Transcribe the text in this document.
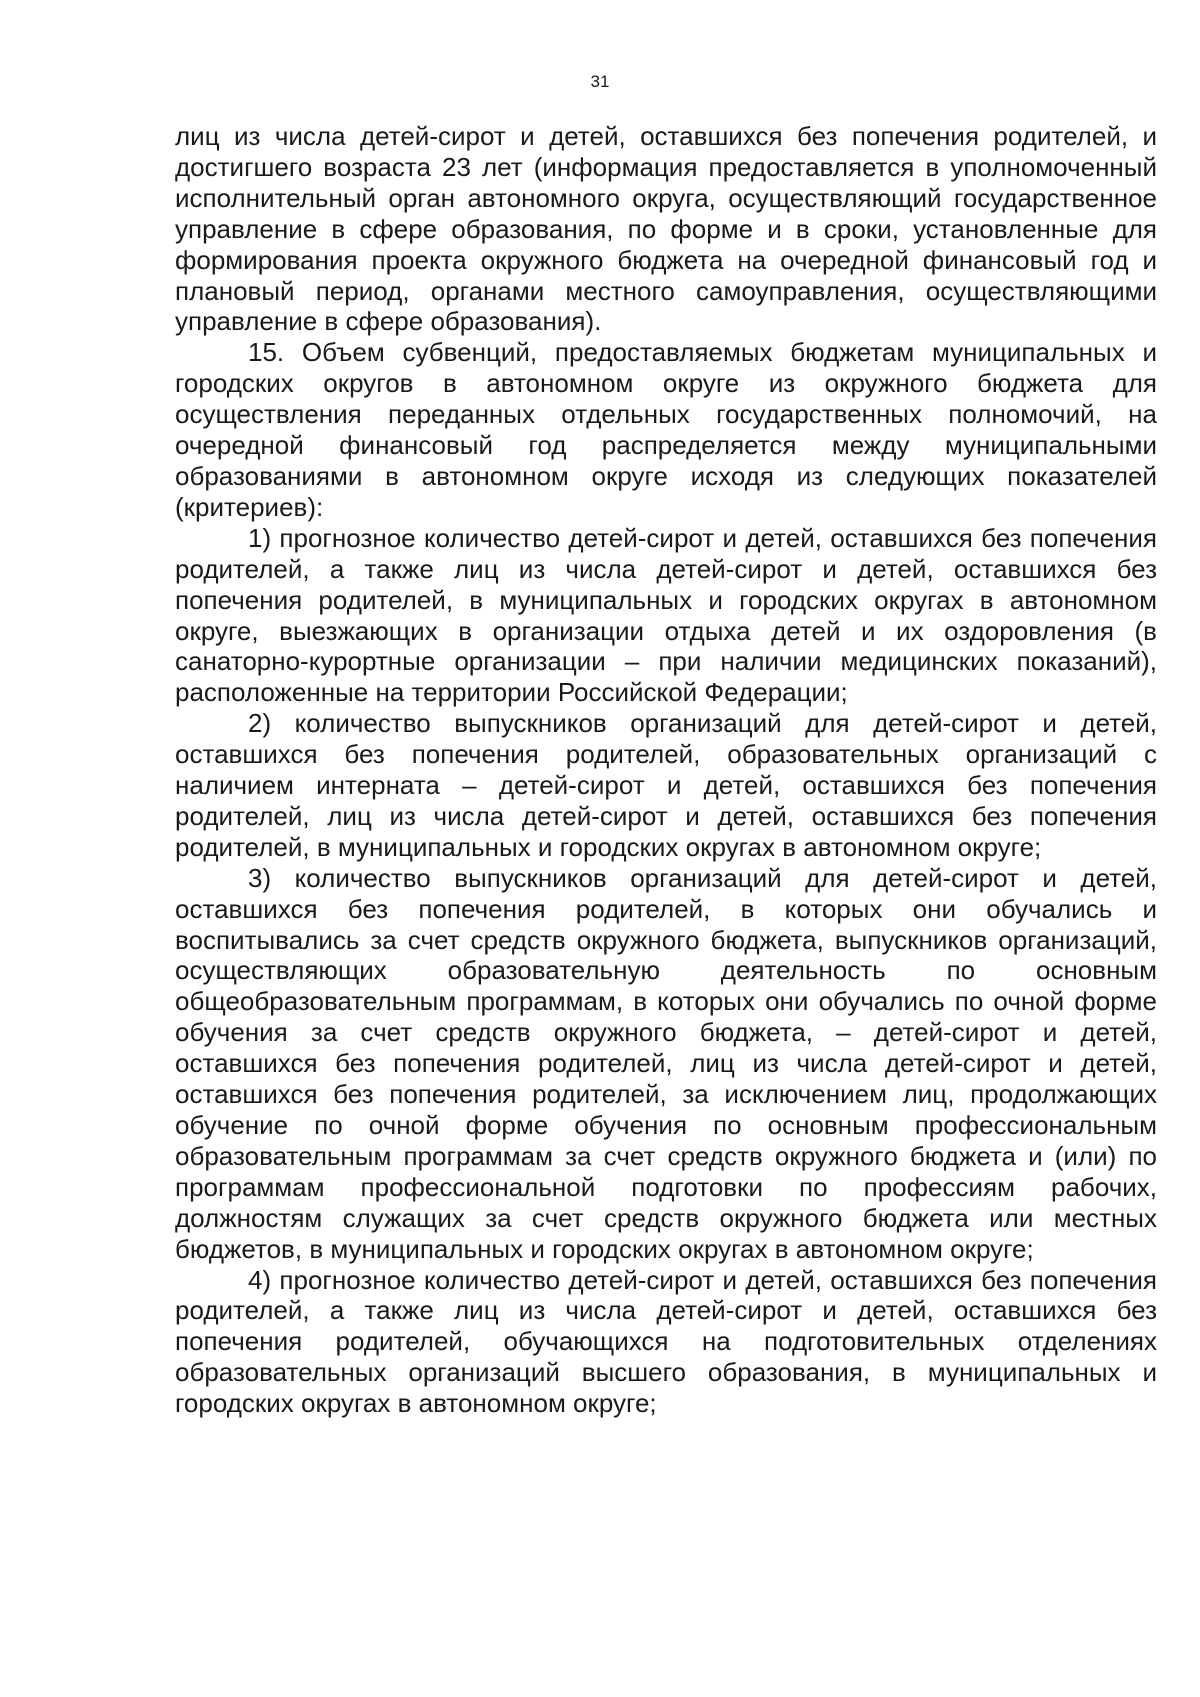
31

лиц из числа детей-сирот и детей, оставшихся без попечения родителей, и достигшего возраста 23 лет (информация предоставляется в уполномоченный исполнительный орган автономного округа, осуществляющий государственное управление в сфере образования, по форме и в сроки, установленные для формирования проекта окружного бюджета на очередной финансовый год и плановый период, органами местного самоуправления, осуществляющими управление в сфере образования).

15. Объем субвенций, предоставляемых бюджетам муниципальных и городских округов в автономном округе из окружного бюджета для осуществления переданных отдельных государственных полномочий, на очередной финансовый год распределяется между муниципальными образованиями в автономном округе исходя из следующих показателей (критериев):

1) прогнозное количество детей-сирот и детей, оставшихся без попечения родителей, а также лиц из числа детей-сирот и детей, оставшихся без попечения родителей, в муниципальных и городских округах в автономном округе, выезжающих в организации отдыха детей и их оздоровления (в санаторно-курортные организации – при наличии медицинских показаний), расположенные на территории Российской Федерации;

2) количество выпускников организаций для детей-сирот и детей, оставшихся без попечения родителей, образовательных организаций с наличием интерната – детей-сирот и детей, оставшихся без попечения родителей, лиц из числа детей-сирот и детей, оставшихся без попечения родителей, в муниципальных и городских округах в автономном округе;

3) количество выпускников организаций для детей-сирот и детей, оставшихся без попечения родителей, в которых они обучались и воспитывались за счет средств окружного бюджета, выпускников организаций, осуществляющих образовательную деятельность по основным общеобразовательным программам, в которых они обучались по очной форме обучения за счет средств окружного бюджета, – детей-сирот и детей, оставшихся без попечения родителей, лиц из числа детей-сирот и детей, оставшихся без попечения родителей, за исключением лиц, продолжающих обучение по очной форме обучения по основным профессиональным образовательным программам за счет средств окружного бюджета и (или) по программам профессиональной подготовки по профессиям рабочих, должностям служащих за счет средств окружного бюджета или местных бюджетов, в муниципальных и городских округах в автономном округе;

4) прогнозное количество детей-сирот и детей, оставшихся без попечения родителей, а также лиц из числа детей-сирот и детей, оставшихся без попечения родителей, обучающихся на подготовительных отделениях образовательных организаций высшего образования, в муниципальных и городских округах в автономном округе;
